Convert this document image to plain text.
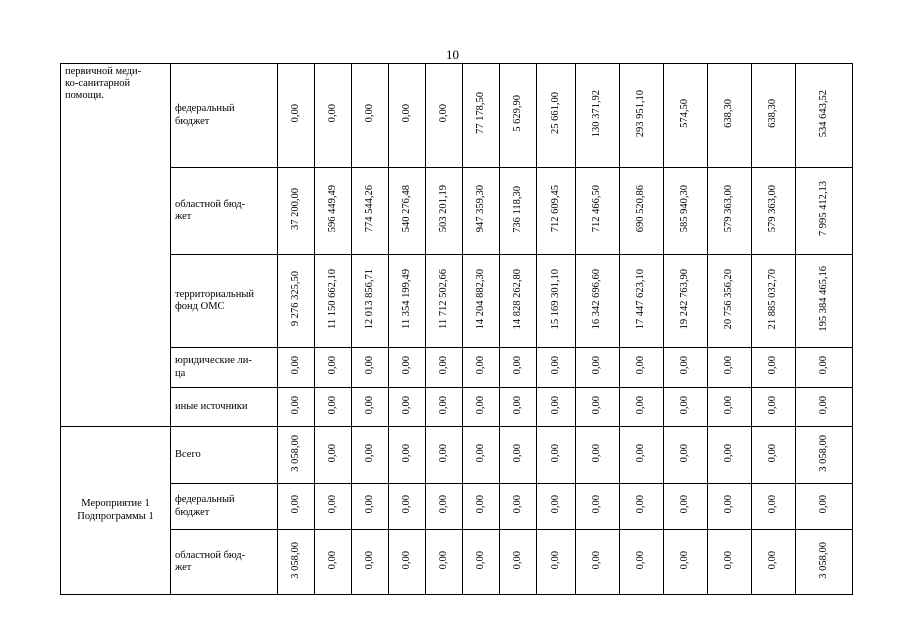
10
первичной меди-
ко-санитарной
помощи.	федеральный
бюджет	0,00	0,00	0,00	0,00	0,00	77 178,50	5 629,90	25 661,00	130 371,92	293 951,10	574,50	638,30	638,30	534 643,52
	областной бюд-
жет	37 200,00	596 449,49	774 544,26	540 276,48	503 201,19	947 359,30	736 118,30	712 609,45	712 466,50	690 520,86	585 940,30	579 363,00	579 363,00	7 995 412,13
	территориальный
фонд ОМС	9 276 325,50	11 150 662,10	12 013 856,71	11 354 199,49	11 712 502,66	14 204 882,30	14 828 262,80	15 169 301,10	16 342 696,60	17 447 623,10	19 242 763,90	20 756 356,20	21 885 032,70	195 384 465,16
	юридические ли-
ца	0,00	0,00	0,00	0,00	0,00	0,00	0,00	0,00	0,00	0,00	0,00	0,00	0,00	0,00
	иные источники	0,00	0,00	0,00	0,00	0,00	0,00	0,00	0,00	0,00	0,00	0,00	0,00	0,00	0,00
Мероприятие 1
Подпрограммы 1	Всего	3 058,00	0,00	0,00	0,00	0,00	0,00	0,00	0,00	0,00	0,00	0,00	0,00	0,00	3 058,00
	федеральный
бюджет	0,00	0,00	0,00	0,00	0,00	0,00	0,00	0,00	0,00	0,00	0,00	0,00	0,00	0,00
	областной бюд-
жет	3 058,00	0,00	0,00	0,00	0,00	0,00	0,00	0,00	0,00	0,00	0,00	0,00	0,00	3 058,00
